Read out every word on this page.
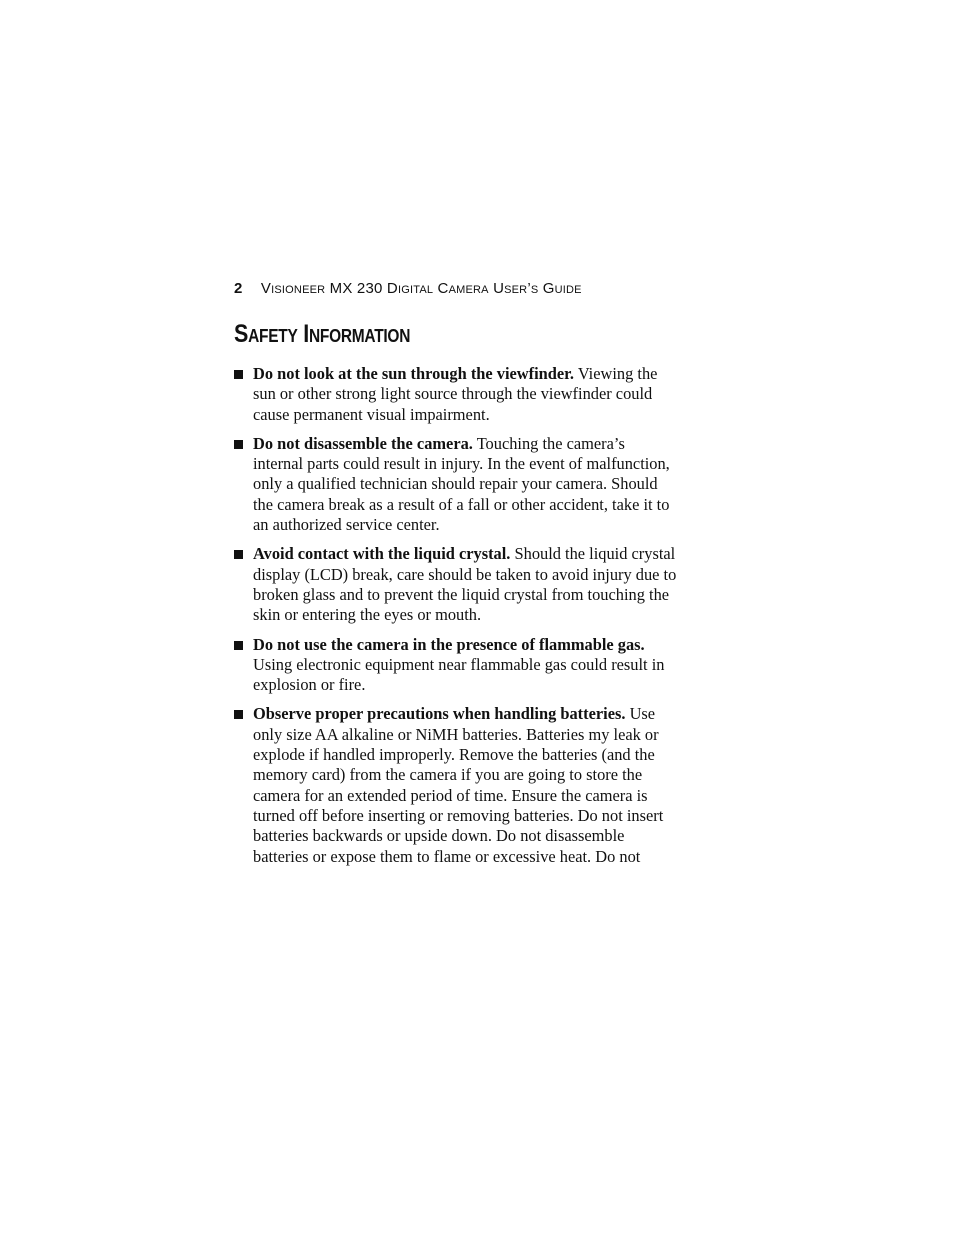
2 Visioneer MX 230 Digital Camera User’s Guide
Safety Information
Do not look at the sun through the viewfinder. Viewing the sun or other strong light source through the viewfinder could cause permanent visual impairment.
Do not disassemble the camera. Touching the camera’s internal parts could result in injury. In the event of malfunction, only a qualified technician should repair your camera. Should the camera break as a result of a fall or other accident, take it to an authorized service center.
Avoid contact with the liquid crystal. Should the liquid crystal display (LCD) break, care should be taken to avoid injury due to broken glass and to prevent the liquid crystal from touching the skin or entering the eyes or mouth.
Do not use the camera in the presence of flammable gas. Using electronic equipment near flammable gas could result in explosion or fire.
Observe proper precautions when handling batteries. Use only size AA alkaline or NiMH batteries. Batteries my leak or explode if handled improperly. Remove the batteries (and the memory card) from the camera if you are going to store the camera for an extended period of time. Ensure the camera is turned off before inserting or removing batteries. Do not insert batteries backwards or upside down. Do not disassemble batteries or expose them to flame or excessive heat. Do not
